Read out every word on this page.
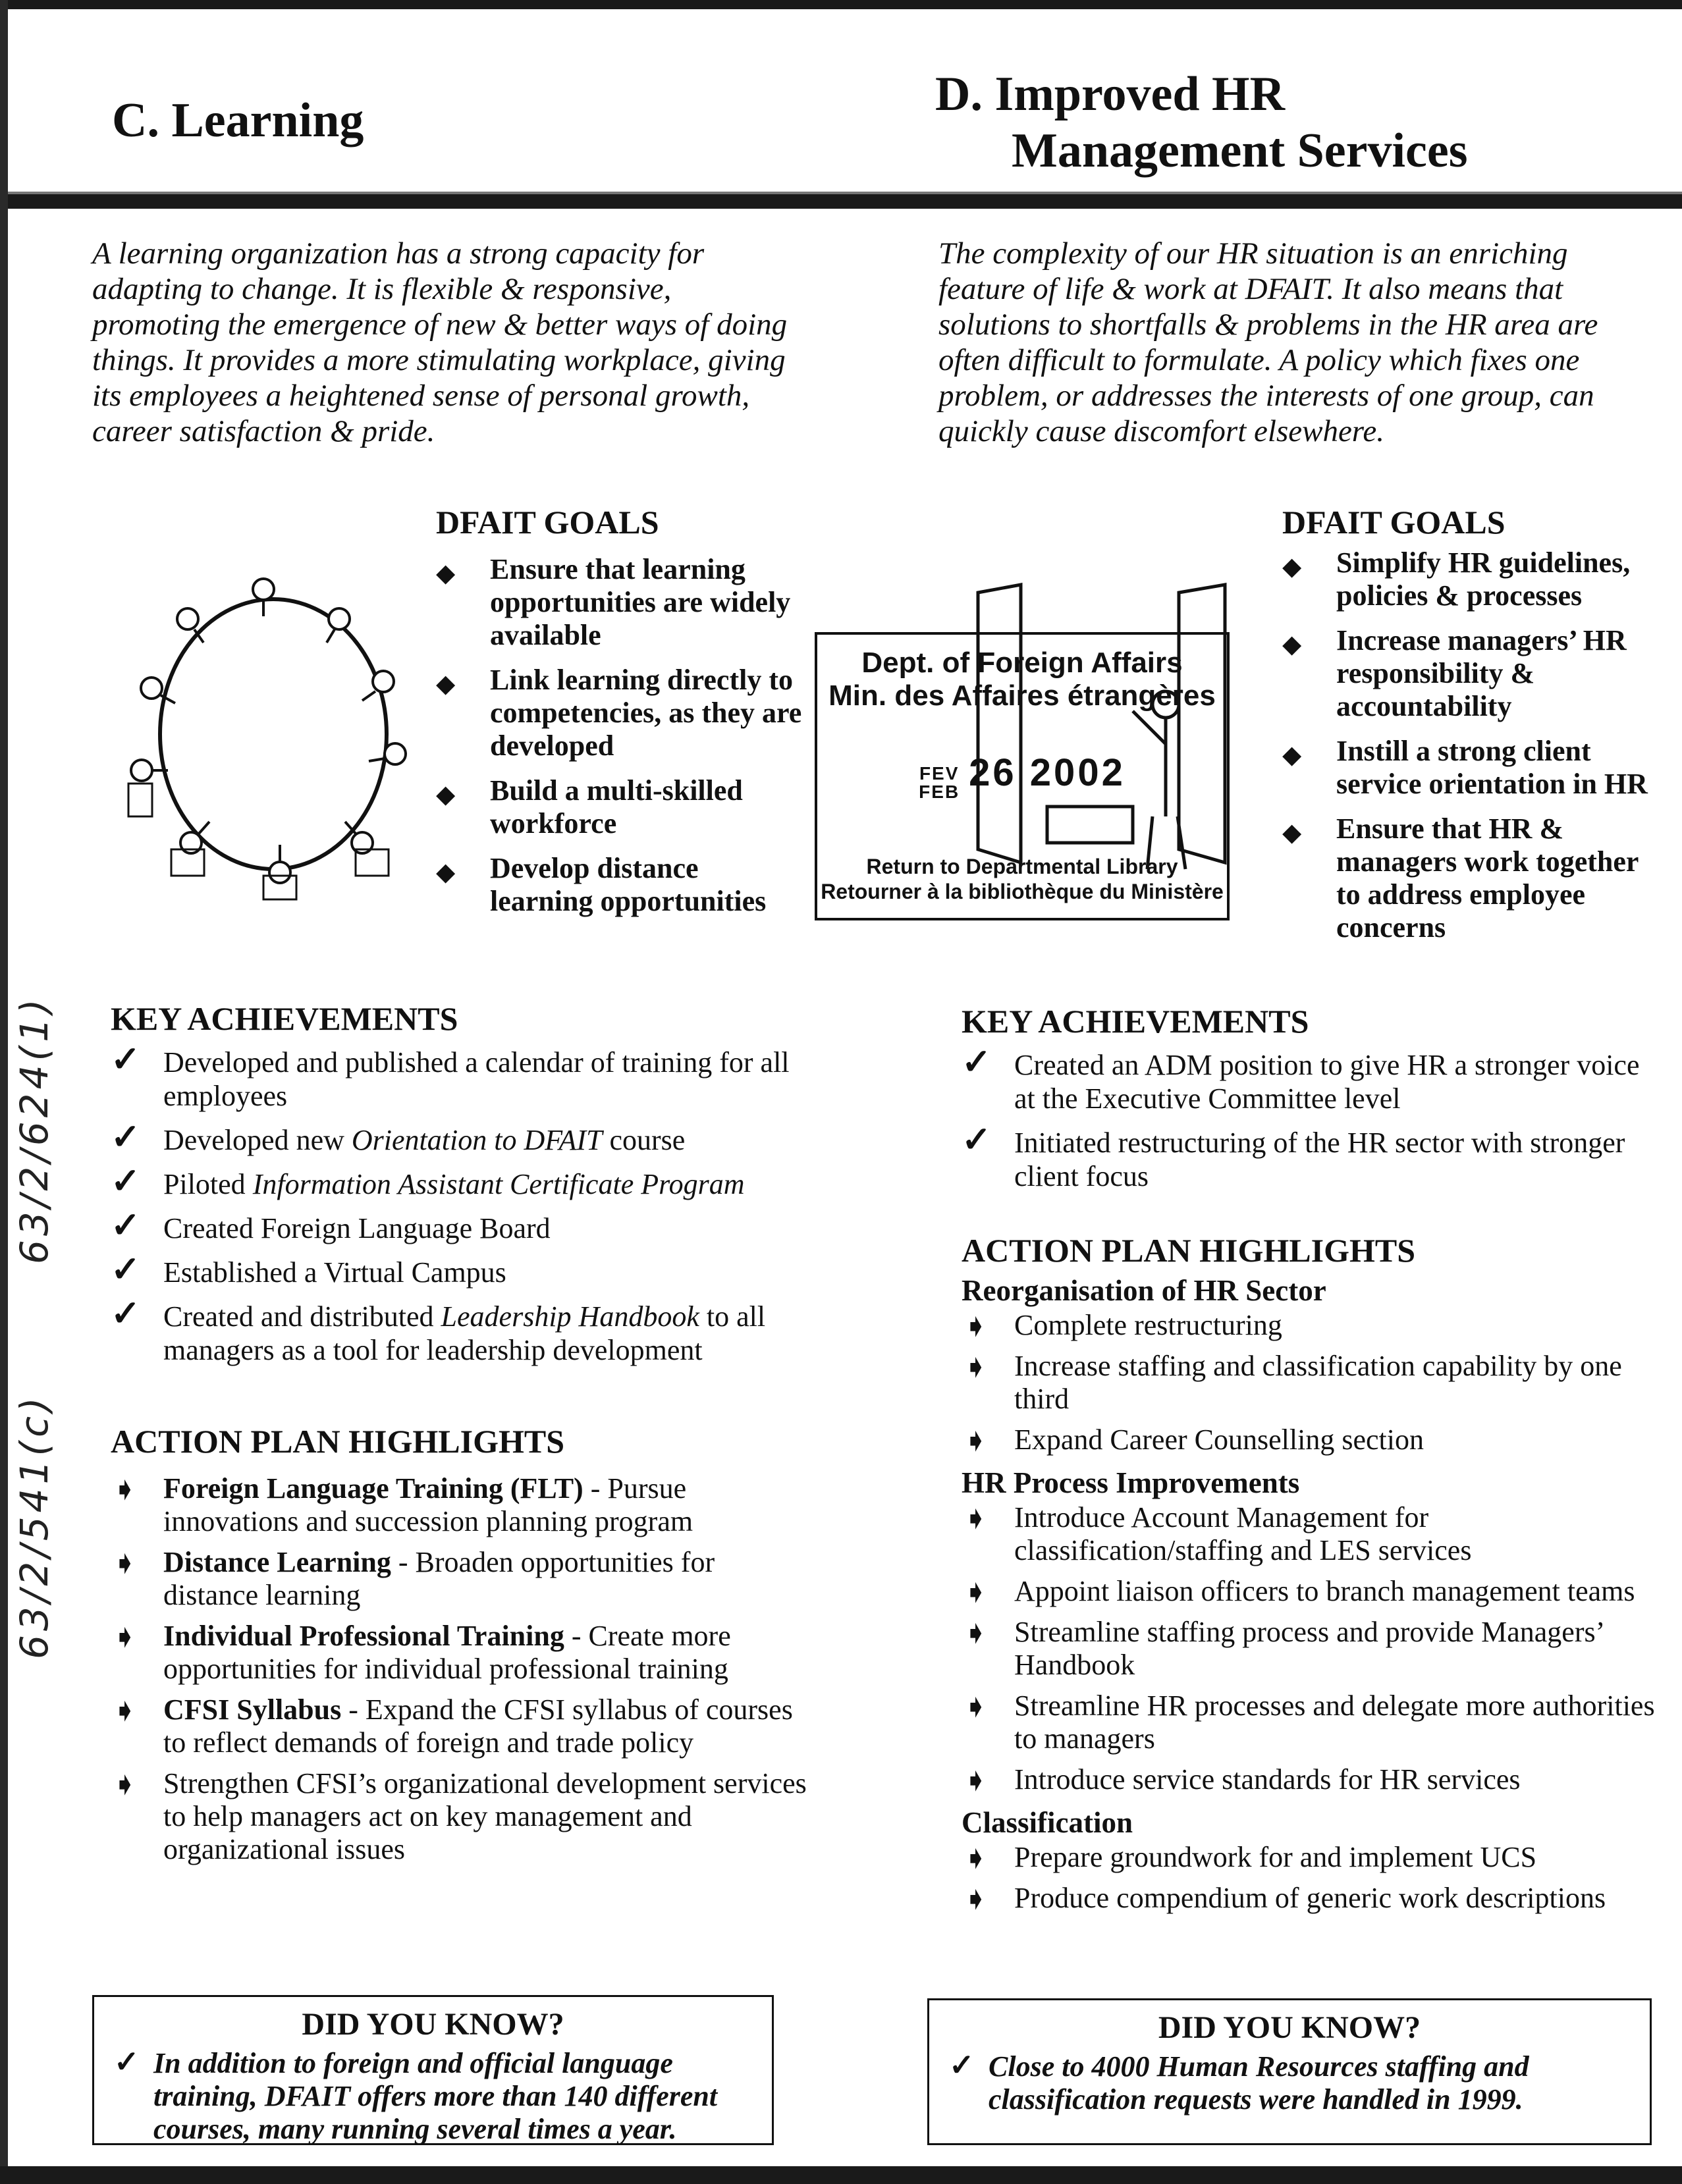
C. Learning	D. Improved HR
Management Services

A learning organization has a strong capacity for adapting to change. It is flexible & responsive, promoting the emergence of new & better ways of doing things. It provides a more stimulating workplace, giving its employees a heightened sense of personal growth, career satisfaction & pride.

The complexity of our HR situation is an enriching feature of life & work at DFAIT. It also means that solutions to shortfalls & problems in the HR area are often difficult to formulate. A policy which fixes one problem, or addresses the interests of one group, can quickly cause discomfort elsewhere.

DFAIT GOALS
◆ Ensure that learning opportunities are widely available
◆ Link learning directly to competencies, as they are developed
◆ Build a multi-skilled workforce
◆ Develop distance learning opportunities
Dept. of Foreign Affairs
Min. des Affaires étrangères
FEV
FEB 26 2002
Return to Departmental Library
Retourner à la bibliothèque du Ministère
DFAIT GOALS
◆ Simplify HR guidelines, policies & processes
◆ Increase managers’ HR responsibility & accountability
◆ Instill a strong client service orientation in HR
◆ Ensure that HR & managers work together to address employee concerns
63/2/624(1)
63/2/541(c)
KEY ACHIEVEMENTS
✓ Developed and published a calendar of training for all employees
✓ Developed new Orientation to DFAIT course
✓ Piloted Information Assistant Certificate Program
✓ Created Foreign Language Board
✓ Established a Virtual Campus
✓ Created and distributed Leadership Handbook to all managers as a tool for leadership development
ACTION PLAN HIGHLIGHTS
➧ Foreign Language Training (FLT) - Pursue innovations and succession planning program
➧ Distance Learning - Broaden opportunities for distance learning
➧ Individual Professional Training - Create more opportunities for individual professional training
➧ CFSI Syllabus - Expand the CFSI syllabus of courses to reflect demands of foreign and trade policy
➧ Strengthen CFSI’s organizational development services to help managers act on key management and organizational issues
KEY ACHIEVEMENTS
✓ Created an ADM position to give HR a stronger voice at the Executive Committee level
✓ Initiated restructuring of the HR sector with stronger client focus
ACTION PLAN HIGHLIGHTS
Reorganisation of HR Sector
➧ Complete restructuring
➧ Increase staffing and classification capability by one third
➧ Expand Career Counselling section
HR Process Improvements
➧ Introduce Account Management for classification/staffing and LES services
➧ Appoint liaison officers to branch management teams
➧ Streamline staffing process and provide Managers’ Handbook
➧ Streamline HR processes and delegate more authorities to managers
➧ Introduce service standards for HR services
Classification
➧ Prepare groundwork for and implement UCS
➧ Produce compendium of generic work descriptions
DID YOU KNOW?
✓ In addition to foreign and official language training, DFAIT offers more than 140 different courses, many running several times a year.
DID YOU KNOW?
✓ Close to 4000 Human Resources staffing and classification requests were handled in 1999.
